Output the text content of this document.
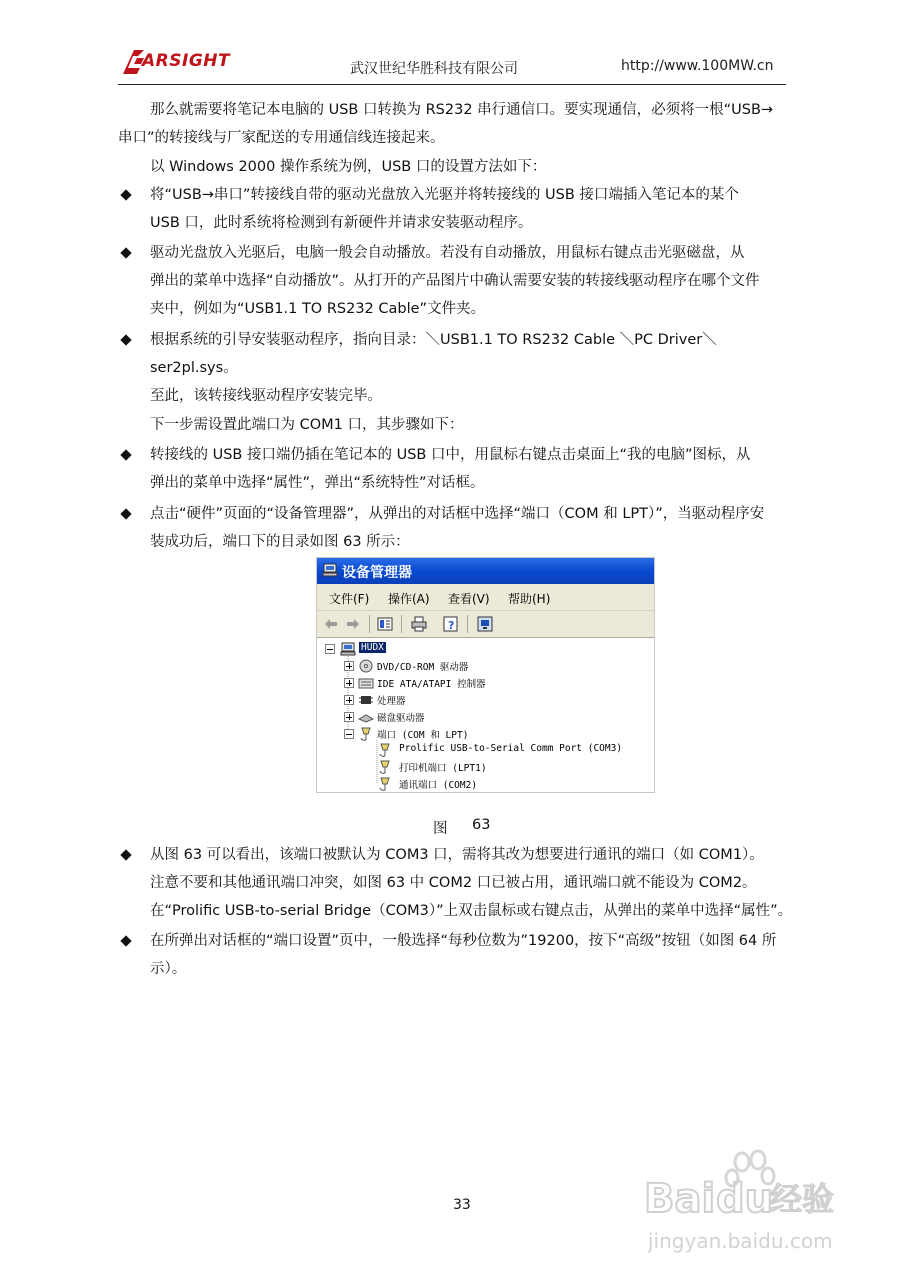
ARSIGHT	武汉世纪华胜科技有限公司	http://www.100MW.cn
那么就需要将笔记本电脑的 USB 口转换为 RS232 串行通信口。要实现通信，必须将一根“USB→
串口”的转接线与厂家配送的专用通信线连接起来。
以 Windows 2000 操作系统为例，USB 口的设置方法如下：
将“USB→串口”转接线自带的驱动光盘放入光驱并将转接线的 USB 接口端插入笔记本的某个
USB 口，此时系统将检测到有新硬件并请求安装驱动程序。
驱动光盘放入光驱后，电脑一般会自动播放。若没有自动播放，用鼠标右键点击光驱磁盘，从
弹出的菜单中选择“自动播放”。从打开的产品图片中确认需要安装的转接线驱动程序在哪个文件
夹中，例如为“USB1.1 TO RS232 Cable”文件夹。
根据系统的引导安装驱动程序，指向目录：＼USB1.1 TO RS232 Cable ＼PC Driver＼
ser2pl.sys。
至此，该转接线驱动程序安装完毕。
下一步需设置此端口为 COM1 口，其步骤如下：
转接线的 USB 接口端仍插在笔记本的 USB 口中，用鼠标右键点击桌面上“我的电脑”图标，从
弹出的菜单中选择“属性”，弹出“系统特性”对话框。
点击“硬件”页面的“设备管理器”，从弹出的对话框中选择“端口（COM 和 LPT）”，当驱动程序安
装成功后，端口下的目录如图 63 所示：
设备管理器
文件(F) 操作(A) 查看(V) 帮助(H)
?
HUDX
DVD/CD-ROM 驱动器
IDE ATA/ATAPI 控制器
处理器
磁盘驱动器
端口 (COM 和 LPT)
Prolific USB-to-Serial Comm Port (COM3)
打印机端口 (LPT1)
通讯端口 (COM2)
图 63
从图 63 可以看出，该端口被默认为 COM3 口，需将其改为想要进行通讯的端口（如 COM1）。
注意不要和其他通讯端口冲突，如图 63 中 COM2 口已被占用，通讯端口就不能设为 COM2。
在“Prolific USB-to-serial Bridge（COM3）”上双击鼠标或右键点击，从弹出的菜单中选择“属性”。
在所弹出对话框的“端口设置”页中，一般选择“每秒位数为”19200，按下“高级”按钮（如图 64 所
示）。
33	Bai du
经验
jingyan.baidu.com
